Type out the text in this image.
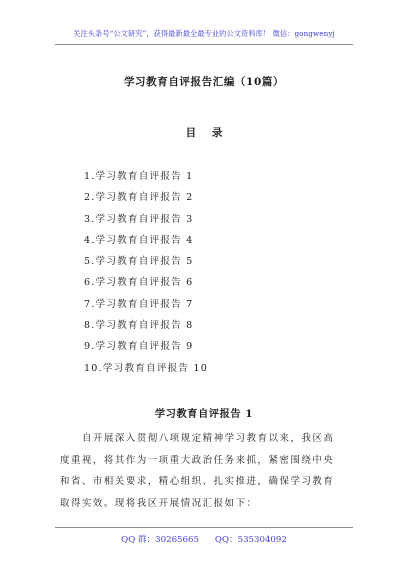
关注头条号“公文研究”，获得最新最全最专业的公文资料库！ 微信：gongwenyj
学习教育自评报告汇编（10篇）
目 录
1.学习教育自评报告 1
2.学习教育自评报告 2
3.学习教育自评报告 3
4.学习教育自评报告 4
5.学习教育自评报告 5
6.学习教育自评报告 6
7.学习教育自评报告 7
8.学习教育自评报告 8
9.学习教育自评报告 9
10.学习教育自评报告 10
学习教育自评报告 1
自开展深入贯彻八项规定精神学习教育以来，我区高
度重视，将其作为一项重大政治任务来抓，紧密围绕中央
和省、市相关要求，精心组织、扎实推进，确保学习教育
取得实效。现将我区开展情况汇报如下：
QQ 群：30265665 QQ：535304092
